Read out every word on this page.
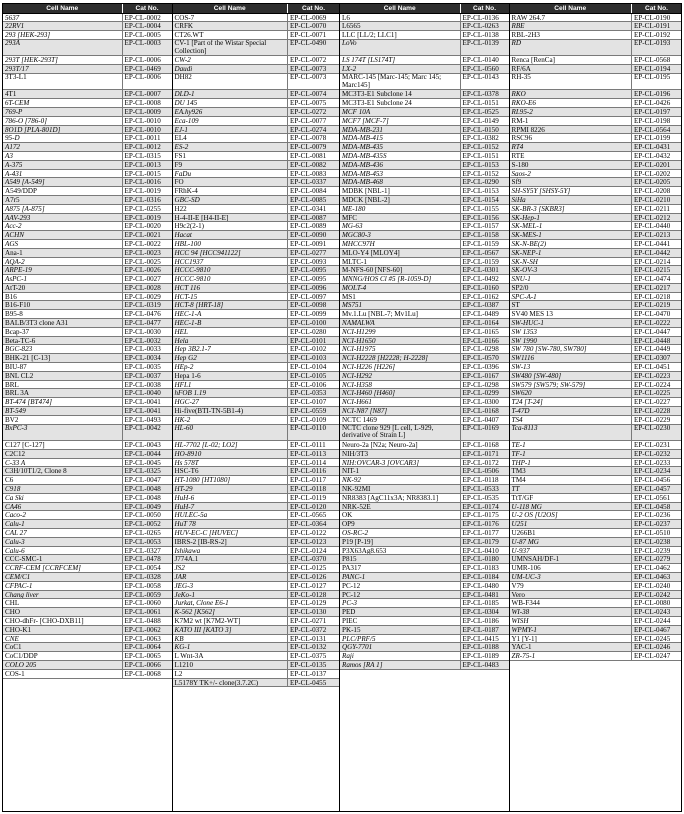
Cell Name	Cat No.
5637	EP-CL-0002
22RV1	EP-CL-0004
293 [HEK-293]	EP-CL-0005
293A	EP-CL-0003
293T [HEK-293T]	EP-CL-0006
293T/17	EP-CL-0469
3T3-L1	EP-CL-0006
4T1	EP-CL-0007
6T-CEM	EP-CL-0008
769-P	EP-CL-0009
786-O [786-0]	EP-CL-0010
8O1D [PLA-801D]	EP-CL-0010
95-D	EP-CL-0011
A172	EP-CL-0012
A3	EP-CL-0315
A-375	EP-CL-0013
A-431	EP-CL-0015
A549 [A-549]	EP-CL-0016
A549/DDP	EP-CL-0019
A7r5	EP-CL-0316
A875 [A-875]	EP-CL-0255
AAV-293	EP-CL-0019
Acc-2	EP-CL-0020
ACHN	EP-CL-0021
AGS	EP-CL-0022
Ana-1	EP-CL-0023
AQA-2	EP-CL-0025
ARPE-19	EP-CL-0026
AsPC-1	EP-CL-0027
AtT-20	EP-CL-0028
B16	EP-CL-0029
B16-F10	EP-CL-0319
B95-8	EP-CL-0476
BALB/3T3 clone A31	EP-CL-0477
Bcap-37	EP-CL-0030
Beta-TC-6	EP-CL-0032
BGC-823	EP-CL-0033
BHK-21 [C-13]	EP-CL-0034
BIU-87	EP-CL-0035
BNL CL2	EP-CL-0037
BRL	EP-CL-0038
BRL 3A	EP-CL-0040
BT-474 [BT474]	EP-CL-0041
BT-549	EP-CL-0041
BV2	EP-CL-0493
BxPC-3	EP-CL-0042
C127 [C-127]	EP-CL-0043
C2C12	EP-CL-0044
C-33 A	EP-CL-0045
C3H/10T1/2, Clone 8	EP-CL-0325
C6	EP-CL-0047
C918	EP-CL-0048
Ca Ski	EP-CL-0048
CA46	EP-CL-0049
Caco-2	EP-CL-0050
Calu-1	EP-CL-0052
CAL 27	EP-CL-0265
Calu-3	EP-CL-0053
Calu-6	EP-CL-0327
CCC-SMC-1	EP-CL-0478
CCRF-CEM [CCRFCEM]	EP-CL-0054
CEM/C1	EP-CL-0328
CFPAC-1	EP-CL-0058
Chang liver	EP-CL-0059
CHL	EP-CL-0060
CHO	EP-CL-0061
CHO-dhFr- [CHO-DXB11]	EP-CL-0488
CHO-K1	EP-CL-0062
CNE	EP-CL-0063
CoC1	EP-CL-0064
CoC1/DDP	EP-CL-0065
COLO 205	EP-CL-0066
COS-1	EP-CL-0068
Cell Name	Cat No.
COS-7	EP-CL-0069
CRFK	EP-CL-0070
CT26.WT	EP-CL-0071
CV-1 [Part of the Wistar Special Collection]
EP-CL-0490
CW-2	EP-CL-0072
Daudi	EP-CL-0073
DH82	EP-CL-0073
DLD-1	EP-CL-0074
DU 145	EP-CL-0075
EA.hy926	EP-CL-0272
Eca-109	EP-CL-0077
EJ-1	EP-CL-0274
EL4	EP-CL-0078
ES-2	EP-CL-0079
FS1	EP-CL-0081
F9	EP-CL-0082
FaDu	EP-CL-0083
FO	EP-CL-0337
FRhK-4	EP-CL-0084
GBC-SD	EP-CL-0085
H22	EP-CL-0341
H-4-II-E [H4-II-E]	EP-CL-0087
H9c2(2-1)	EP-CL-0089
Hacat	EP-CL-0090
HBL-100	EP-CL-0091
HCC 94 [HCC941122]	EP-CL-0277
HCC1937	EP-CL-0093
HCCC-9810	EP-CL-0095
HCCC-9810	EP-CL-0095
HCT 116	EP-CL-0096
HCT-15	EP-CL-0097
HCT-8 [HRT-18]	EP-CL-0098
HEC-1-A	EP-CL-0099
HEC-1-B	EP-CL-0100
HEL	EP-CL-0280
Hela	EP-CL-0101
Hep 3B2.1-7	EP-CL-0102
Hep G2	EP-CL-0103
HEp-2	EP-CL-0104
Hepa 1-6	EP-CL-0105
HFL1	EP-CL-0106
hFOB 1.19	EP-CL-0353
HGC-27	EP-CL-0107
Hi-five(BTI-TN-5B1-4)	EP-CL-0559
HK-2	EP-CL-0109
HL-60	EP-CL-0110
HL-7702 [L-02; LO2]	EP-CL-0111
HO-8910	EP-CL-0113
Hs 578T	EP-CL-0114
HSC-T6	EP-CL-0116
HT-1080 [HT1080]	EP-CL-0117
HT-29	EP-CL-0118
HuH-6	EP-CL-0119
HuH-7	EP-CL-0120
HULEC-5a	EP-CL-0565
HuT 78	EP-CL-0364
HUV-EC-C [HUVEC]	EP-CL-0122
IBRS-2 [IB-RS-2]	EP-CL-0123
Ishikawa	EP-CL-0124
J774A.1	EP-CL-0370
JS2	EP-CL-0125
JAR	EP-CL-0126
JEG-3	EP-CL-0127
JeKo-1	EP-CL-0128
Jurkat, Clone E6-1	EP-CL-0129
K-562 [K562]	EP-CL-0130
K7M2 wt [K7M2-WT]	EP-CL-0271
KATO III [KATO 3]	EP-CL-0372
KB	EP-CL-0131
KG-1	EP-CL-0132
L Wnt-3A	EP-CL-0375
L1210	EP-CL-0135
L2	EP-CL-0137
L5178Y TK+/- clone(3.7.2C)	EP-CL-0455
Cell Name	Cat No.
L6	EP-CL-0136
L6565	EP-CL-0263
LLC [LL/2; LLC1]	EP-CL-0138
LoVo	EP-CL-0139
LS 174T [LS174T]	EP-CL-0140
LX-2	EP-CL-0560
MARC-145 [Marc-145; Marc 145; Marc145]
EP-CL-0143
MC3T3-E1 Subclone 14	EP-CL-0378
MC3T3-E1 Subclone 24	EP-CL-0151
MCF 10A	EP-CL-0525
MCF7 [MCF-7]	EP-CL-0149
MDA-MB-231	EP-CL-0150
MDA-MB-415	EP-CL-0382
MDA-MB-435	EP-CL-0152
MDA-MB-435S	EP-CL-0151
MDA-MB-436	EP-CL-0153
MDA-MB-453	EP-CL-0152
MDA-MB-468	EP-CL-0290
MDBK [NBL-1]	EP-CL-0153
MDCK [NBL-2]	EP-CL-0154
ME-180	EP-CL-0155
MFC	EP-CL-0156
MG-63	EP-CL-0157
MGC80-3	EP-CL-0158
MHCC97H	EP-CL-0159
MLO-Y4 [MLOY4]	EP-CL-0567
MLTC-1	EP-CL-0159
M-NFS-60 [NFS-60]	EP-CL-0301
MNNG/HOS Cl #5 [R-1059-D]	EP-CL-0492
MOLT-4	EP-CL-0160
MS1	EP-CL-0162
MS751	EP-CL-0387
Mv.1.Lu [NBL-7; Mv1Lu]	EP-CL-0489
NAMALWA	EP-CL-0164
NCI-H1299	EP-CL-0165
NCI-H1650	EP-CL-0166
NCI-H1975	EP-CL-0298
NCI-H2228 [H2228; H-2228]	EP-CL-0570
NCI-H226 [H226]	EP-CL-0396
NCI-H292	EP-CL-0167
NCI-H358	EP-CL-0298
NCI-H460 [H460]	EP-CL-0299
NCI-H661	EP-CL-0300
NCI-N87 [N87]	EP-CL-0168
NCTC 1469	EP-CL-0407
NCTC clone 929 [L cell, L-929, derivative of Strain L]
EP-CL-0169
Neuro-2a [N2a; Neuro-2a]	EP-CL-0168
NIH/3T3	EP-CL-0171
NIH:OVCAR-3 [OVCAR3]	EP-CL-0172
NIT-1	EP-CL-0506
NK-92	EP-CL-0118
NK-92MI	EP-CL-0533
NR8383 [AgC11x3A; NR8383.1]	EP-CL-0535
NRK-52E	EP-CL-0174
OK	EP-CL-0175
OP9	EP-CL-0176
OS-RC-2	EP-CL-0177
P19 [P-19]	EP-CL-0179
P3X63Ag8.653	EP-CL-0410
P815	EP-CL-0180
PA317	EP-CL-0183
PANC-1	EP-CL-0184
PC-12	EP-CL-0480
PC-12	EP-CL-0481
PC-3	EP-CL-0185
PED	EP-CL-0304
PIEC	EP-CL-0186
PK-15	EP-CL-0187
PLC/PRF/5	EP-CL-0415
QGY-7701	EP-CL-0188
Raji	EP-CL-0189
Ramos [RA 1]	EP-CL-0483
Cell Name	Cat No.
RAW 264.7	EP-CL-0190
RBE	EP-CL-0191
RBL-2H3	EP-CL-0192
RD	EP-CL-0193
Renca [RenCa]	EP-CL-0568
RF/6A	EP-CL-0194
RH-35	EP-CL-0195
RKO	EP-CL-0196
RKO-E6	EP-CL-0426
RL95-2	EP-CL-0197
RM-1	EP-CL-0198
RPMI 8226	EP-CL-0564
RSC96	EP-CL-0199
RT4	EP-CL-0431
RTE	EP-CL-0432
S-180	EP-CL-0201
Saos-2	EP-CL-0202
Sf9	EP-CL-0205
SH-SY5Y [SHSY-5Y]	EP-CL-0208
SiHa	EP-CL-0210
SK-BR-3 [SKBR3]	EP-CL-0211
SK-Hep-1	EP-CL-0212
SK-MEL-1	EP-CL-0440
SK-MES-1	EP-CL-0213
SK-N-BE(2)	EP-CL-0441
SK-NEP-1	EP-CL-0442
SK-N-SH	EP-CL-0214
SK-OV-3	EP-CL-0215
SNU-1	EP-CL-0474
SP2/0	EP-CL-0217
SPC-A-1	EP-CL-0218
ST	EP-CL-0219
SV40 MES 13	EP-CL-0470
SW-HUC-1	EP-CL-0222
SW 1353	EP-CL-0447
SW 1990	EP-CL-0448
SW 780 [SW-780, SW780]	EP-CL-0449
SW1116	EP-CL-0307
SW-13	EP-CL-0451
SW480 [SW-480]	EP-CL-0223
SW579 [SW579; SW-579]	EP-CL-0224
SW620	EP-CL-0225
T24 [T-24]	EP-CL-0227
T-47D	EP-CL-0228
TS4	EP-CL-0229
Tca-8113	EP-CL-0230
TE-1	EP-CL-0231
TF-1	EP-CL-0232
THP-1	EP-CL-0233
TM3	EP-CL-0234
TM4	EP-CL-0456
TT	EP-CL-0457
TtT/GF	EP-CL-0561
U-118 MG	EP-CL-0458
U-2 OS [U2OS]	EP-CL-0236
U251	EP-CL-0237
U266B1	EP-CL-0510
U-87 MG	EP-CL-0238
U-937	EP-CL-0239
UMNSAH/DF-1	EP-CL-0279
UMR-106	EP-CL-0462
UM-UC-3	EP-CL-0463
V79	EP-CL-0240
Vero	EP-CL-0242
WB-F344	EP-CL-0080
WI-38	EP-CL-0243
WISH	EP-CL-0244
WPMY-1	EP-CL-0467
Y1 [Y-1]	EP-CL-0245
YAC-1	EP-CL-0246
ZR-75-1	EP-CL-0247
